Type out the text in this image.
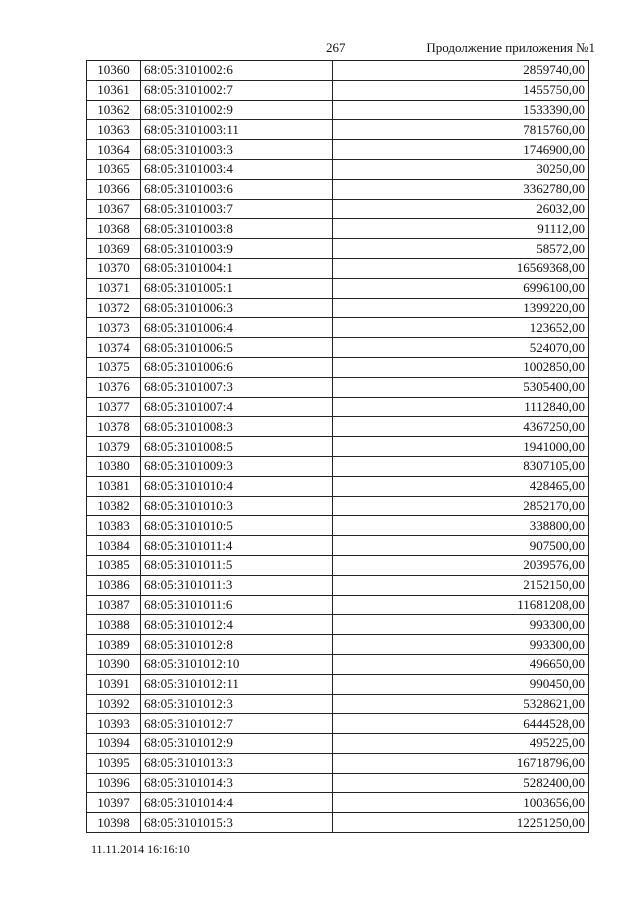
267	Продолжение приложения №1
10360	68:05:3101002:6	2859740,00
10361	68:05:3101002:7	1455750,00
10362	68:05:3101002:9	1533390,00
10363	68:05:3101003:11	7815760,00
10364	68:05:3101003:3	1746900,00
10365	68:05:3101003:4	30250,00
10366	68:05:3101003:6	3362780,00
10367	68:05:3101003:7	26032,00
10368	68:05:3101003:8	91112,00
10369	68:05:3101003:9	58572,00
10370	68:05:3101004:1	16569368,00
10371	68:05:3101005:1	6996100,00
10372	68:05:3101006:3	1399220,00
10373	68:05:3101006:4	123652,00
10374	68:05:3101006:5	524070,00
10375	68:05:3101006:6	1002850,00
10376	68:05:3101007:3	5305400,00
10377	68:05:3101007:4	1112840,00
10378	68:05:3101008:3	4367250,00
10379	68:05:3101008:5	1941000,00
10380	68:05:3101009:3	8307105,00
10381	68:05:3101010:4	428465,00
10382	68:05:3101010:3	2852170,00
10383	68:05:3101010:5	338800,00
10384	68:05:3101011:4	907500,00
10385	68:05:3101011:5	2039576,00
10386	68:05:3101011:3	2152150,00
10387	68:05:3101011:6	11681208,00
10388	68:05:3101012:4	993300,00
10389	68:05:3101012:8	993300,00
10390	68:05:3101012:10	496650,00
10391	68:05:3101012:11	990450,00
10392	68:05:3101012:3	5328621,00
10393	68:05:3101012:7	6444528,00
10394	68:05:3101012:9	495225,00
10395	68:05:3101013:3	16718796,00
10396	68:05:3101014:3	5282400,00
10397	68:05:3101014:4	1003656,00
10398	68:05:3101015:3	12251250,00
11.11.2014 16:16:10
